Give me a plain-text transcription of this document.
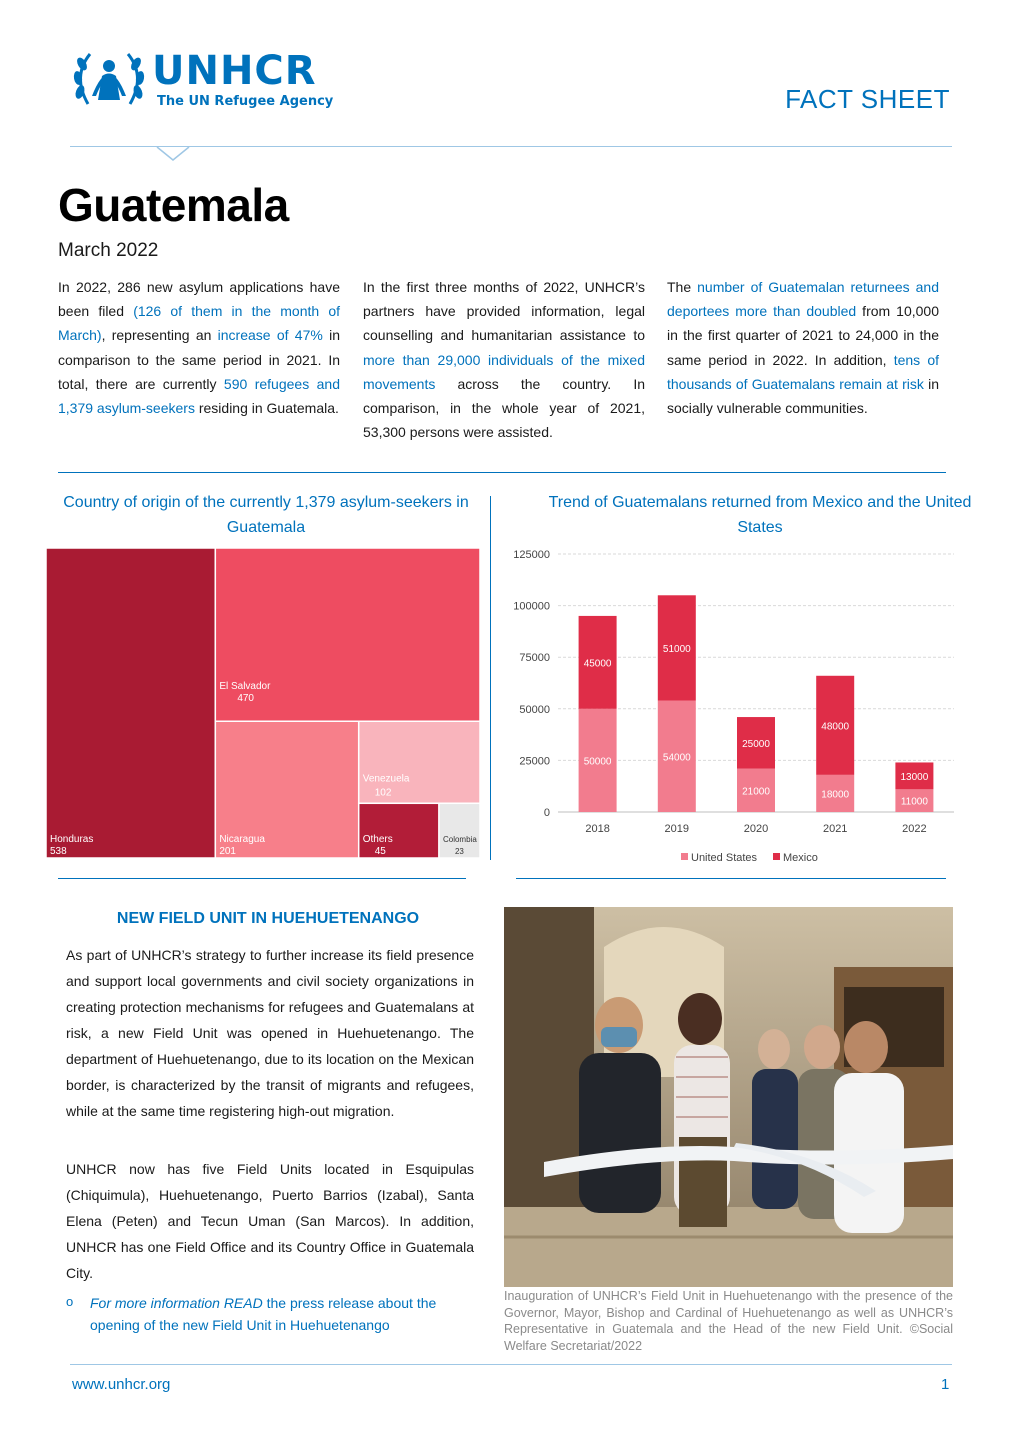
UNHCR
The UN Refugee Agency	FACT SHEET
Guatemala
March 2022

In 2022, 286 new asylum applications have been filed (126 of them in the month of March), representing an increase of 47% in comparison to the same period in 2021. In total, there are currently 590 refugees and 1,379 asylum-seekers residing in Guatemala.

In the first three months of 2022, UNHCR’s partners have provided information, legal counselling and humanitarian assistance to more than 29,000 individuals of the mixed movements across the country. In comparison, in the whole year of 2021, 53,300 persons were assisted.

The number of Guatemalan returnees and deportees more than doubled from 10,000 in the first quarter of 2021 to 24,000 in the same period in 2022. In addition, tens of thousands of Guatemalans remain at risk in socially vulnerable communities.

Country of origin of the currently 1,379 asylum-seekers in Guatemala
Honduras
538
El Salvador
470
Nicaragua
201
Venezuela
102
Others
45
Colombia
23
Trend of Guatemalans returned from Mexico and the United States
0
25000
50000
75000
100000
125000
50000
45000
2018
54000
51000
2019
21000
25000
2020
18000
48000
2021
11000
13000
2022
United States Mexico
NEW FIELD UNIT IN HUEHUETENANGO

As part of UNHCR’s strategy to further increase its field presence and support local governments and civil society organizations in creating protection mechanisms for refugees and Guatemalans at risk, a new Field Unit was opened in Huehuetenango. The department of Huehuetenango, due to its location on the Mexican border, is characterized by the transit of migrants and refugees, while at the same time registering high-out migration.

UNHCR now has five Field Units located in Esquipulas (Chiquimula), Huehuetenango, Puerto Barrios (Izabal), Santa Elena (Peten) and Tecun Uman (San Marcos). In addition, UNHCR has one Field Office and its Country Office in Guatemala City.

o For more information READ the press release about the opening of the new Field Unit in Huehuetenango

Inauguration of UNHCR’s Field Unit in Huehuetenango with the presence of the Governor, Mayor, Bishop and Cardinal of Huehuetenango as well as UNHCR’s Representative in Guatemala and the Head of the new Field Unit. ©Social Welfare Secretariat/2022

www.unhcr.org	1
